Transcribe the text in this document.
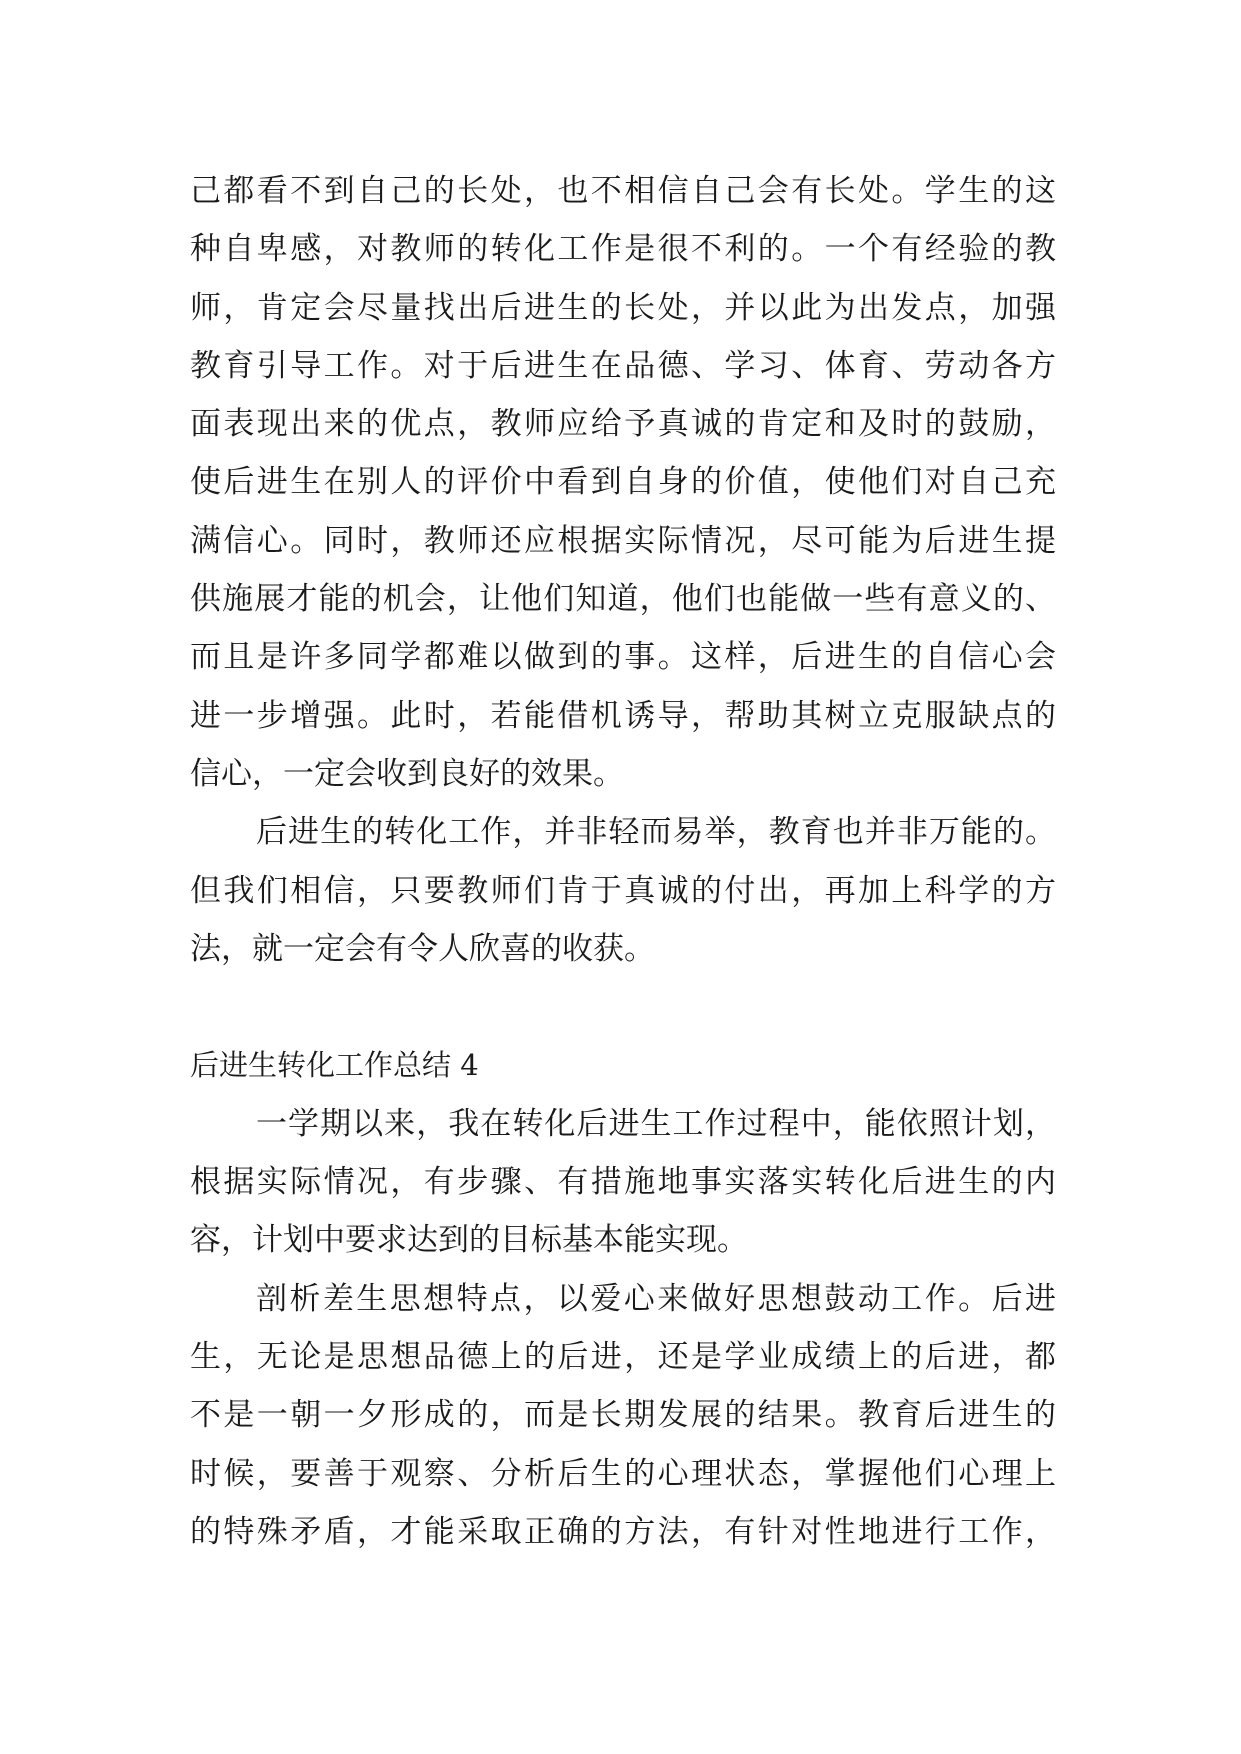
己都看不到自己的长处，也不相信自己会有长处。学生的这
种自卑感，对教师的转化工作是很不利的。一个有经验的教
师，肯定会尽量找出后进生的长处，并以此为出发点，加强
教育引导工作。对于后进生在品德、学习、体育、劳动各方
面表现出来的优点，教师应给予真诚的肯定和及时的鼓励，
使后进生在别人的评价中看到自身的价值，使他们对自己充
满信心。同时，教师还应根据实际情况，尽可能为后进生提
供施展才能的机会，让他们知道，他们也能做一些有意义的、
而且是许多同学都难以做到的事。这样，后进生的自信心会
进一步增强。此时，若能借机诱导，帮助其树立克服缺点的
信心，一定会收到良好的效果。
后进生的转化工作，并非轻而易举，教育也并非万能的。
但我们相信，只要教师们肯于真诚的付出，再加上科学的方
法，就一定会有令人欣喜的收获。
后进生转化工作总结 4
一学期以来，我在转化后进生工作过程中，能依照计划，
根据实际情况，有步骤、有措施地事实落实转化后进生的内
容，计划中要求达到的目标基本能实现。
剖析差生思想特点，以爱心来做好思想鼓动工作。后进
生，无论是思想品德上的后进，还是学业成绩上的后进，都
不是一朝一夕形成的，而是长期发展的结果。教育后进生的
时候，要善于观察、分析后生的心理状态，掌握他们心理上
的特殊矛盾，才能采取正确的方法，有针对性地进行工作，
